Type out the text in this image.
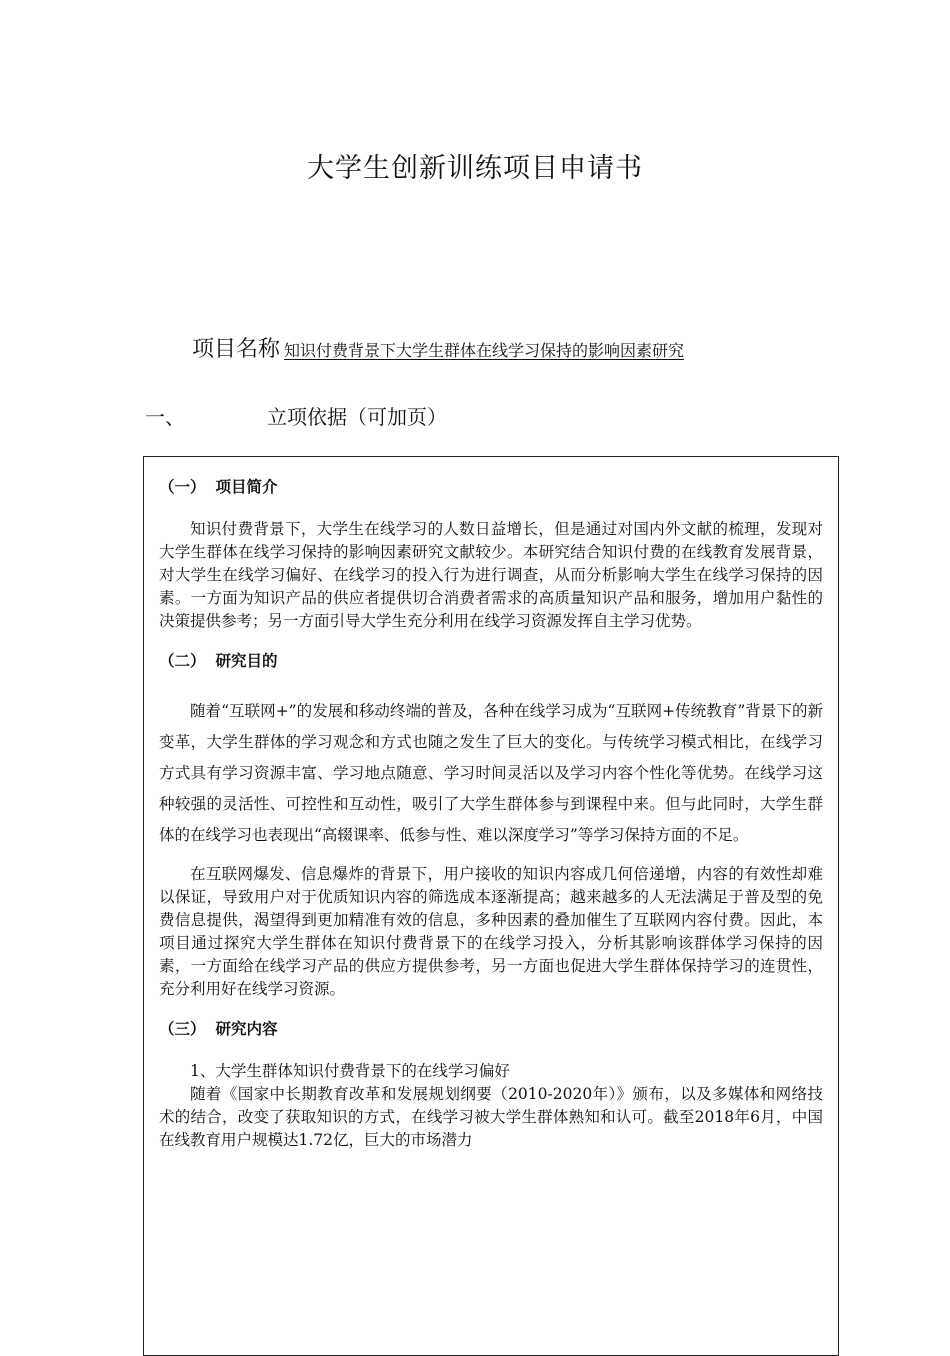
大学生创新训练项目申请书
项目名称 知识付费背景下大学生群体在线学习保持的影响因素研究
一、	立项依据（可加页）
（一） 项目简介

知识付费背景下，大学生在线学习的人数日益增长，但是通过对国内外文献的梳理，发现对大学生群体在线学习保持的影响因素研究文献较少。本研究结合知识付费的在线教育发展背景，对大学生在线学习偏好、在线学习的投入行为进行调查，从而分析影响大学生在线学习保持的因素。一方面为知识产品的供应者提供切合消费者需求的高质量知识产品和服务，增加用户黏性的决策提供参考；另一方面引导大学生充分利用在线学习资源发挥自主学习优势。

（二） 研究目的

随着“互联网+”的发展和移动终端的普及，各种在线学习成为“互联网+传统教育”背景下的新变革，大学生群体的学习观念和方式也随之发生了巨大的变化。与传统学习模式相比，在线学习方式具有学习资源丰富、学习地点随意、学习时间灵活以及学习内容个性化等优势。在线学习这种较强的灵活性、可控性和互动性，吸引了大学生群体参与到课程中来。但与此同时，大学生群体的在线学习也表现出“高辍课率、低参与性、难以深度学习”等学习保持方面的不足。

在互联网爆发、信息爆炸的背景下，用户接收的知识内容成几何倍递增，内容的有效性却难以保证，导致用户对于优质知识内容的筛选成本逐渐提高；越来越多的人无法满足于普及型的免费信息提供，渴望得到更加精准有效的信息，多种因素的叠加催生了互联网内容付费。因此，本项目通过探究大学生群体在知识付费背景下的在线学习投入，分析其影响该群体学习保持的因素，一方面给在线学习产品的供应方提供参考，另一方面也促进大学生群体保持学习的连贯性，充分利用好在线学习资源。

（三） 研究内容

1、大学生群体知识付费背景下的在线学习偏好

随着《国家中长期教育改革和发展规划纲要（2010-2020年）》颁布，以及多媒体和网络技术的结合，改变了获取知识的方式，在线学习被大学生群体熟知和认可。截至2018年6月，中国在线教育用户规模达1.72亿，巨大的市场潜力
